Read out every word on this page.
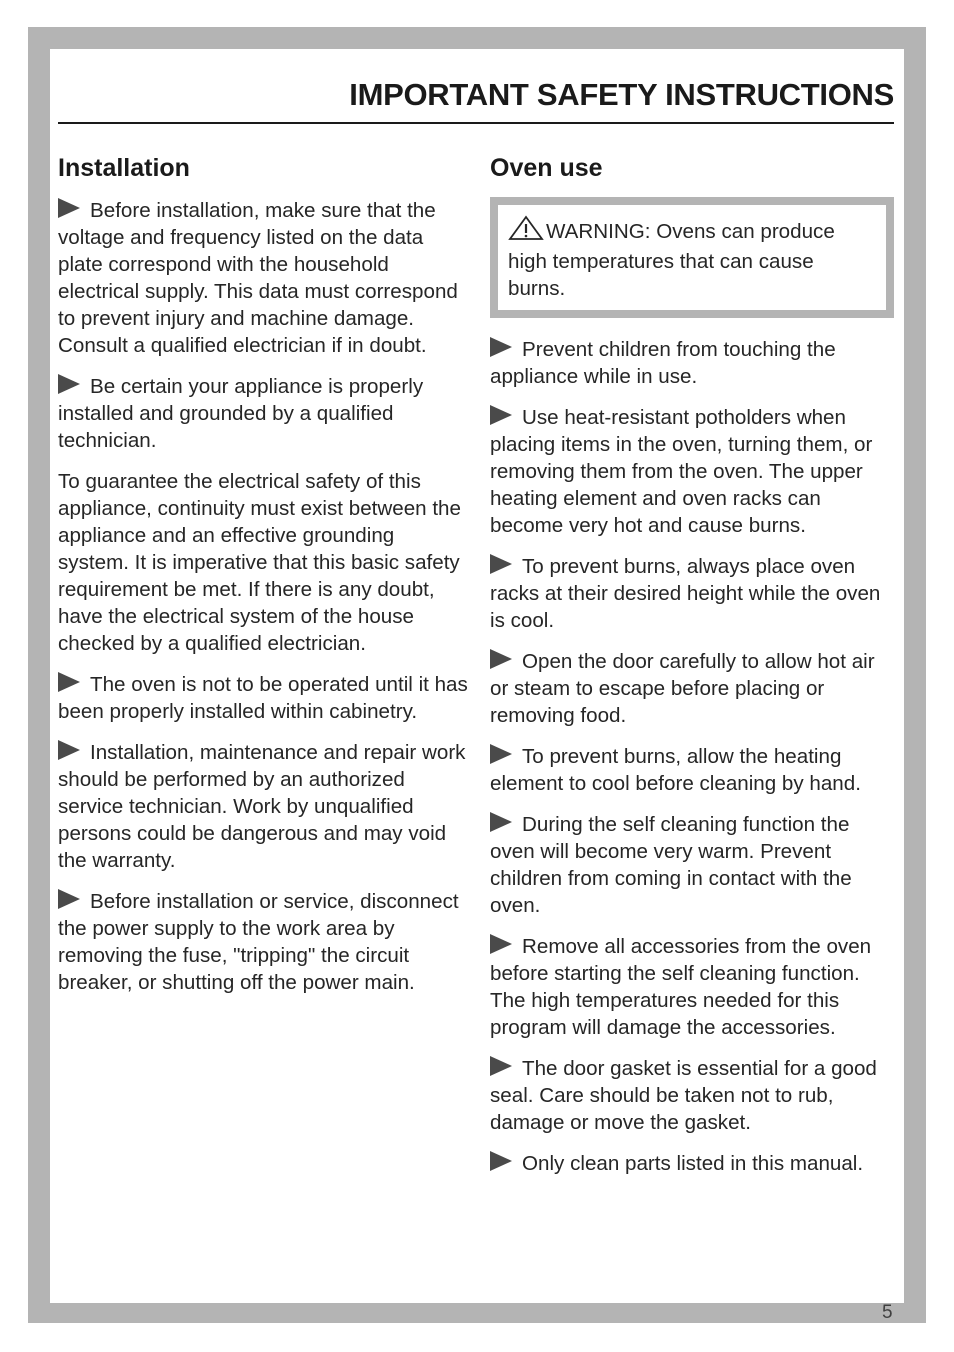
IMPORTANT SAFETY INSTRUCTIONS
Installation

Before installation, make sure that the voltage and frequency listed on the data plate correspond with the household electrical supply. This data must correspond to prevent injury and machine damage. Consult a qualified electrician if in doubt.

Be certain your appliance is properly installed and grounded by a qualified technician.

To guarantee the electrical safety of this appliance, continuity must exist between the appliance and an effective grounding system. It is imperative that this basic safety requirement be met. If there is any doubt, have the electrical system of the house checked by a qualified electrician.

The oven is not to be operated until it has been properly installed within cabinetry.

Installation, maintenance and repair work should be performed by an authorized service technician. Work by unqualified persons could be dangerous and may void the warranty.

Before installation or service, disconnect the power supply to the work area by removing the fuse, "tripping" the circuit breaker, or shutting off the power main.

Oven use
WARNING: Ovens can produce high temperatures that can cause burns.

Prevent children from touching the appliance while in use.

Use heat-resistant potholders when placing items in the oven, turning them, or removing them from the oven. The upper heating element and oven racks can become very hot and cause burns.

To prevent burns, always place oven racks at their desired height while the oven is cool.

Open the door carefully to allow hot air or steam to escape before placing or removing food.

To prevent burns, allow the heating element to cool before cleaning by hand.

During the self cleaning function the oven will become very warm. Prevent children from coming in contact with the oven.

Remove all accessories from the oven before starting the self cleaning function. The high temperatures needed for this program will damage the accessories.

The door gasket is essential for a good seal. Care should be taken not to rub, damage or move the gasket.

Only clean parts listed in this manual.

5
